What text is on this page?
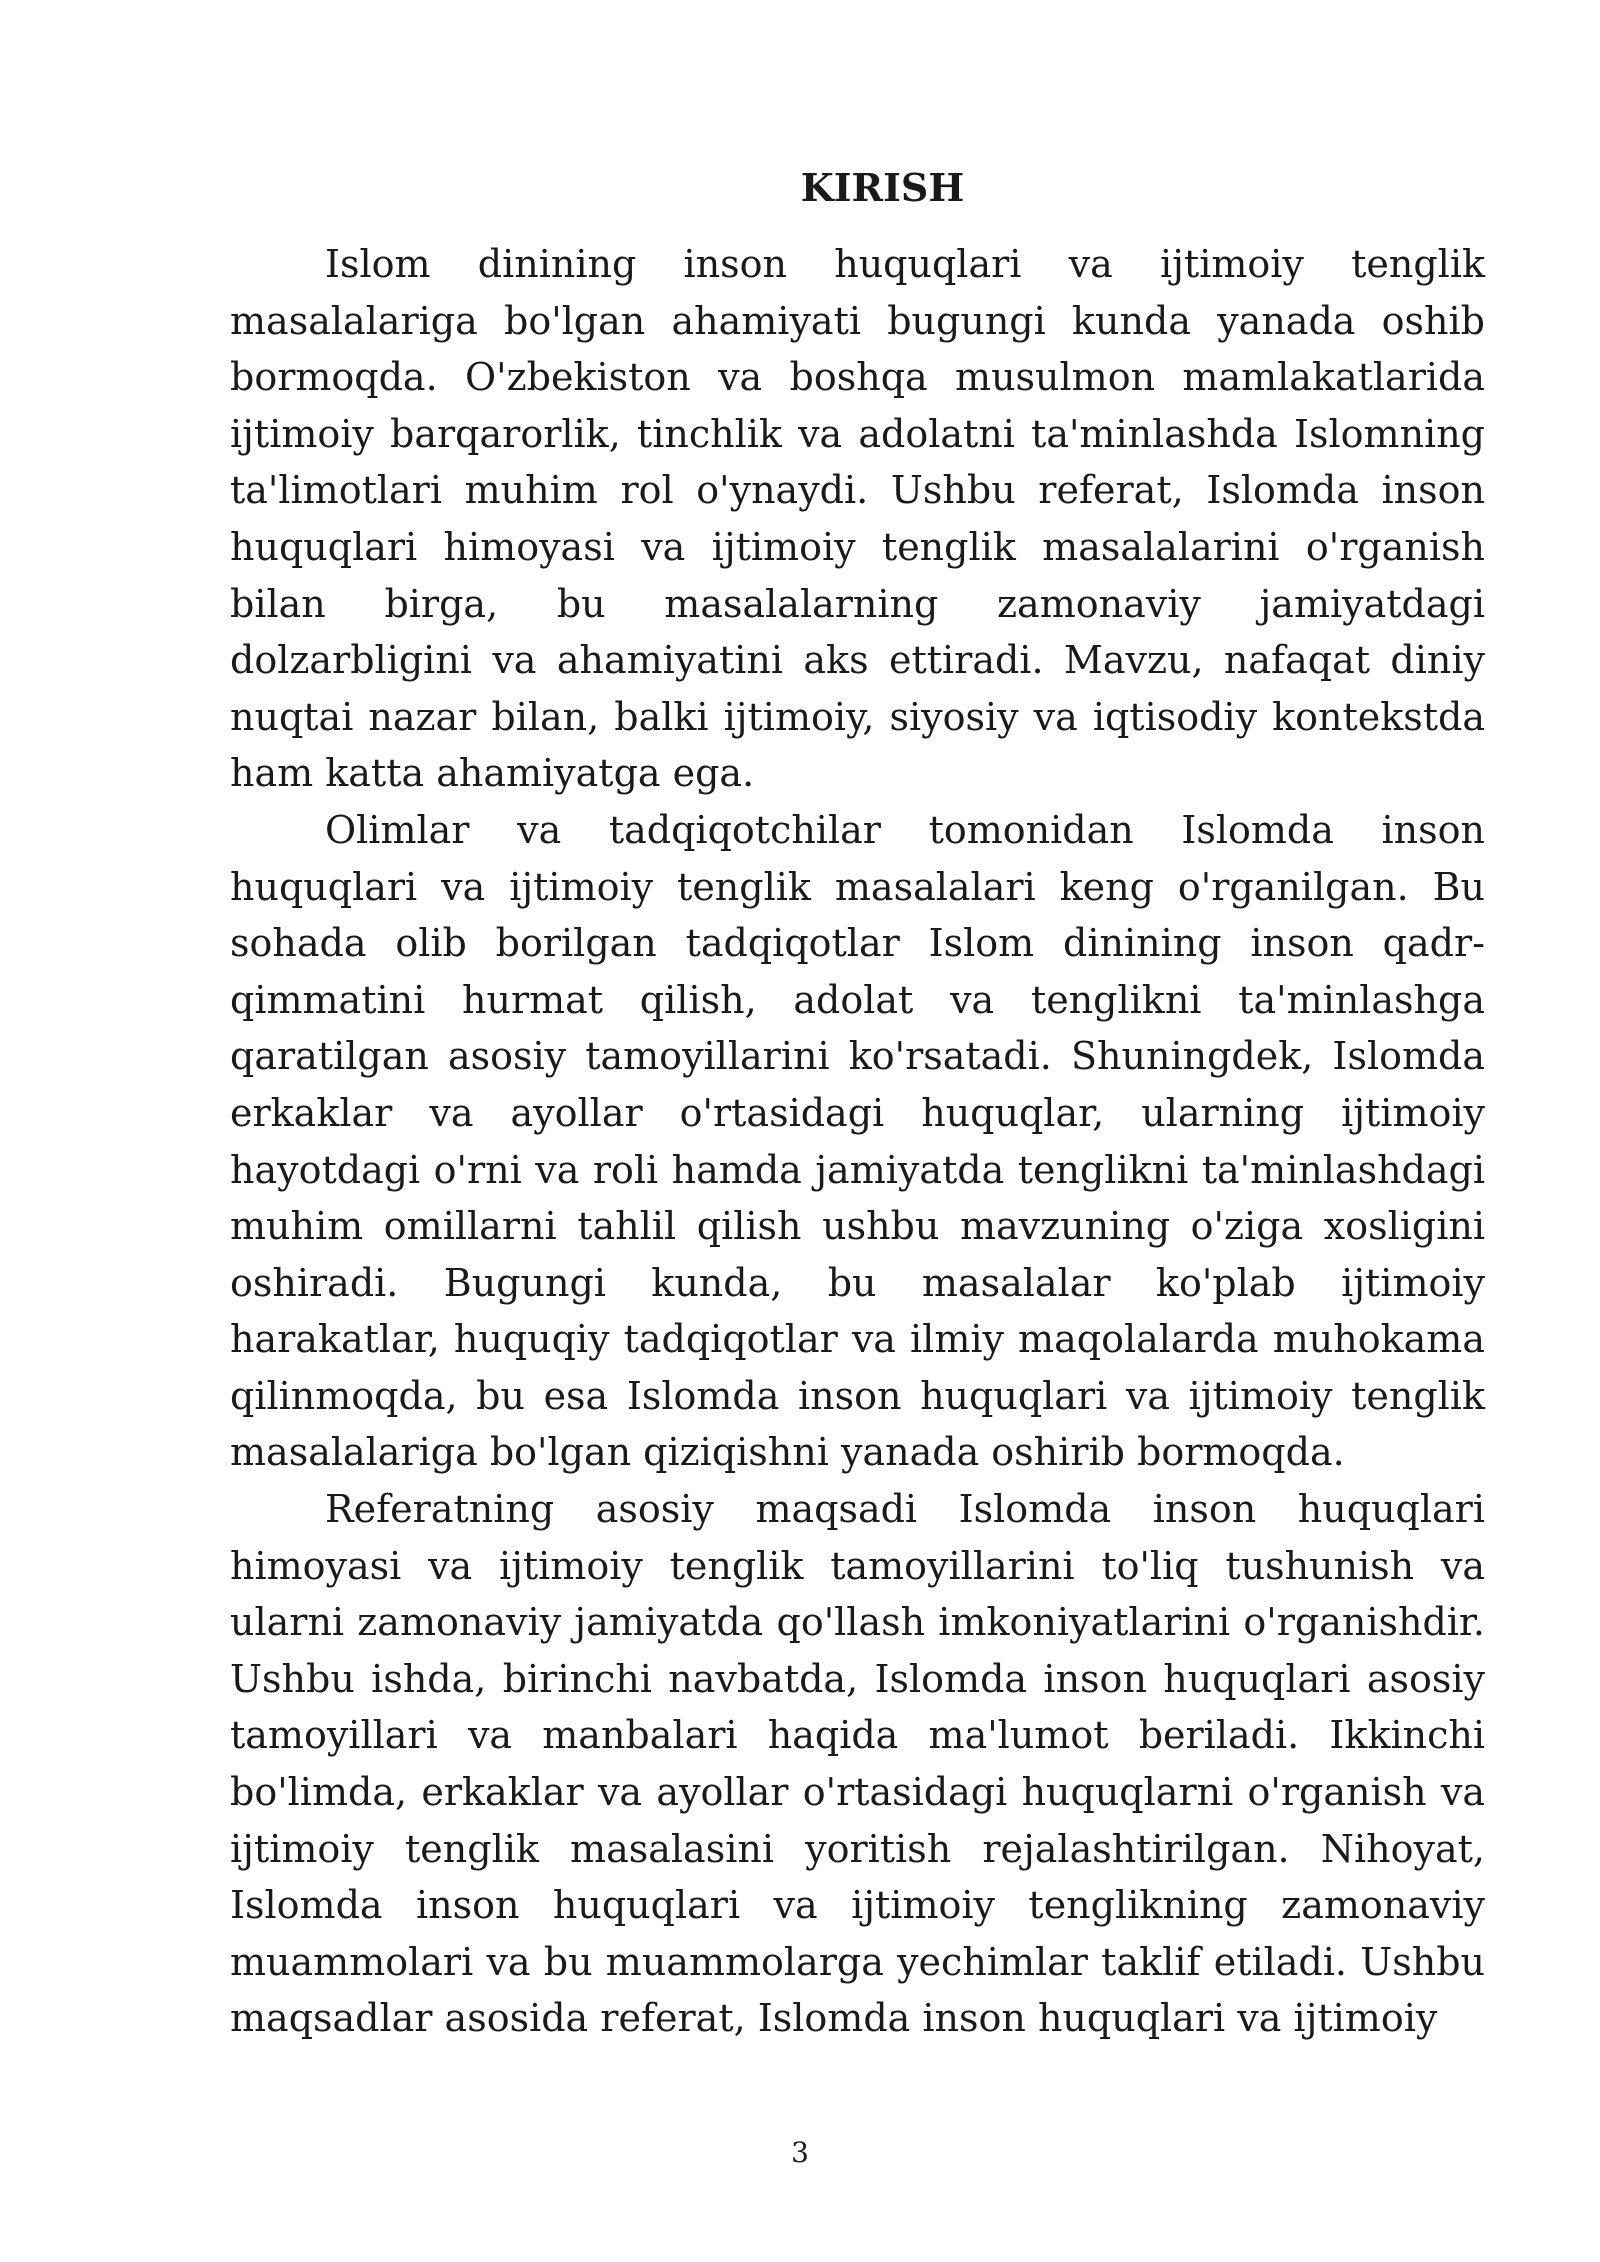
KIRISH

Islom dinining inson huquqlari va ijtimoiy tenglik masalalariga bo'lgan ahamiyati bugungi kunda yanada oshib bormoqda. O'zbekiston va boshqa musulmon mamlakatlarida ijtimoiy barqarorlik, tinchlik va adolatni ta'minlashda Islomning ta'limotlari muhim rol o'ynaydi. Ushbu referat, Islomda inson huquqlari himoyasi va ijtimoiy tenglik masalalarini o'rganish bilan birga, bu masalalarning zamonaviy jamiyatdagi dolzarbligini va ahamiyatini aks ettiradi. Mavzu, nafaqat diniy nuqtai nazar bilan, balki ijtimoiy, siyosiy va iqtisodiy kontekstda ham katta ahamiyatga ega.

Olimlar va tadqiqotchilar tomonidan Islomda inson huquqlari va ijtimoiy tenglik masalalari keng o'rganilgan. Bu sohada olib borilgan tadqiqotlar Islom dinining inson qadr-qimmatini hurmat qilish, adolat va tenglikni ta'minlashga qaratilgan asosiy tamoyillarini ko'rsatadi. Shuningdek, Islomda erkaklar va ayollar o'rtasidagi huquqlar, ularning ijtimoiy hayotdagi o'rni va roli hamda jamiyatda tenglikni ta'minlashdagi muhim omillarni tahlil qilish ushbu mavzuning o'ziga xosligini oshiradi. Bugungi kunda, bu masalalar ko'plab ijtimoiy harakatlar, huquqiy tadqiqotlar va ilmiy maqolalarda muhokama qilinmoqda, bu esa Islomda inson huquqlari va ijtimoiy tenglik masalalariga bo'lgan qiziqishni yanada oshirib bormoqda.

Referatning asosiy maqsadi Islomda inson huquqlari himoyasi va ijtimoiy tenglik tamoyillarini to'liq tushunish va ularni zamonaviy jamiyatda qo'llash imkoniyatlarini o'rganishdir. Ushbu ishda, birinchi navbatda, Islomda inson huquqlari asosiy tamoyillari va manbalari haqida ma'lumot beriladi. Ikkinchi bo'limda, erkaklar va ayollar o'rtasidagi huquqlarni o'rganish va ijtimoiy tenglik masalasini yoritish rejalashtirilgan. Nihoyat, Islomda inson huquqlari va ijtimoiy tenglikning zamonaviy muammolari va bu muammolarga yechimlar taklif etiladi. Ushbu maqsadlar asosida referat, Islomda inson huquqlari va ijtimoiy

3
